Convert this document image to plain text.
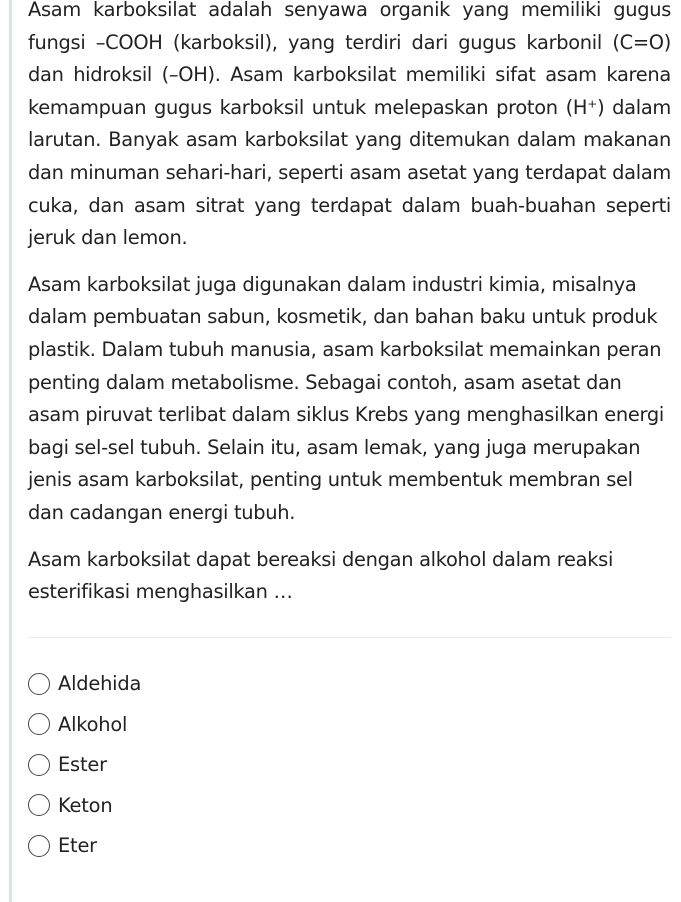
Asam karboksilat adalah senyawa organik yang memiliki gugus fungsi –COOH (karboksil), yang terdiri dari gugus karbonil (C=O) dan hidroksil (–OH). Asam karboksilat memiliki sifat asam karena kemampuan gugus karboksil untuk melepaskan proton (H⁺) dalam larutan. Banyak asam karboksilat yang ditemukan dalam makanan dan minuman sehari-hari, seperti asam asetat yang terdapat dalam cuka, dan asam sitrat yang terdapat dalam buah-buahan seperti jeruk dan lemon.

Asam karboksilat juga digunakan dalam industri kimia, misalnya dalam pembuatan sabun, kosmetik, dan bahan baku untuk produk plastik. Dalam tubuh manusia, asam karboksilat memainkan peran penting dalam metabolisme. Sebagai contoh, asam asetat dan asam piruvat terlibat dalam siklus Krebs yang menghasilkan energi bagi sel-sel tubuh. Selain itu, asam lemak, yang juga merupakan jenis asam karboksilat, penting untuk membentuk membran sel dan cadangan energi tubuh.

Asam karboksilat dapat bereaksi dengan alkohol dalam reaksi esterifikasi menghasilkan …

Aldehida
Alkohol
Ester
Keton
Eter
